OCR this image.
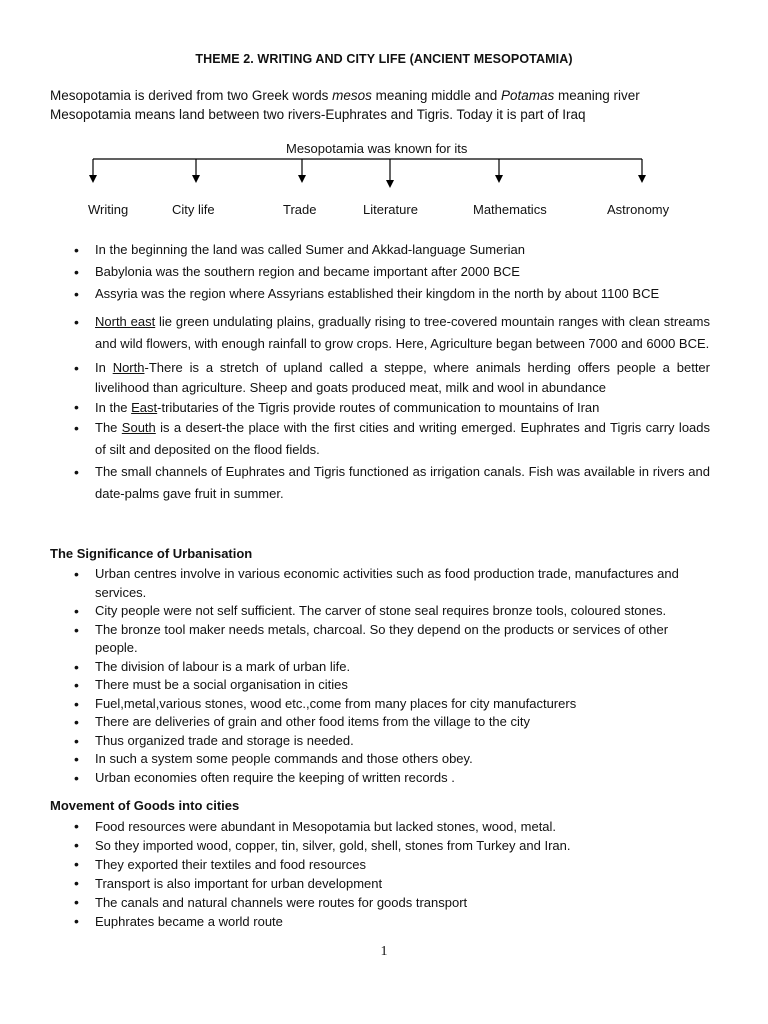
THEME 2. WRITING AND CITY LIFE (ANCIENT MESOPOTAMIA)
Mesopotamia is derived from two Greek words mesos meaning middle and Potamas meaning river
Mesopotamia means land between two rivers-Euphrates and Tigris. Today it is part of Iraq
Mesopotamia was known for its
Writing	City life	Trade	Literature	Mathematics	Astronomy
• In the beginning the land was called Sumer and Akkad-language Sumerian
• Babylonia was the southern region and became important after 2000 BCE
• Assyria was the region where Assyrians established their kingdom in the north by about 1100 BCE
• North east lie green undulating plains, gradually rising to tree-covered mountain ranges with clean streams and wild flowers, with enough rainfall to grow crops. Here, Agriculture began between 7000 and 6000 BCE.
• In North-There is a stretch of upland called a steppe, where animals herding offers people a better livelihood than agriculture. Sheep and goats produced meat, milk and wool in abundance
• In the East-tributaries of the Tigris provide routes of communication to mountains of Iran
• The South is a desert-the place with the first cities and writing emerged. Euphrates and Tigris carry loads of silt and deposited on the flood fields.
• The small channels of Euphrates and Tigris functioned as irrigation canals. Fish was available in rivers and date-palms gave fruit in summer.
The Significance of Urbanisation
• Urban centres involve in various economic activities such as food production trade, manufactures and services.
• City people were not self sufficient. The carver of stone seal requires bronze tools, coloured stones.
• The bronze tool maker needs metals, charcoal. So they depend on the products or services of other people.
• The division of labour is a mark of urban life.
• There must be a social organisation in cities
• Fuel,metal,various stones, wood etc.,come from many places for city manufacturers
• There are deliveries of grain and other food items from the village to the city
• Thus organized trade and storage is needed.
• In such a system some people commands and those others obey.
• Urban economies often require the keeping of written records .
Movement of Goods into cities
• Food resources were abundant in Mesopotamia but lacked stones, wood, metal.
• So they imported wood, copper, tin, silver, gold, shell, stones from Turkey and Iran.
• They exported their textiles and food resources
• Transport is also important for urban development
• The canals and natural channels were routes for goods transport
• Euphrates became a world route
1
